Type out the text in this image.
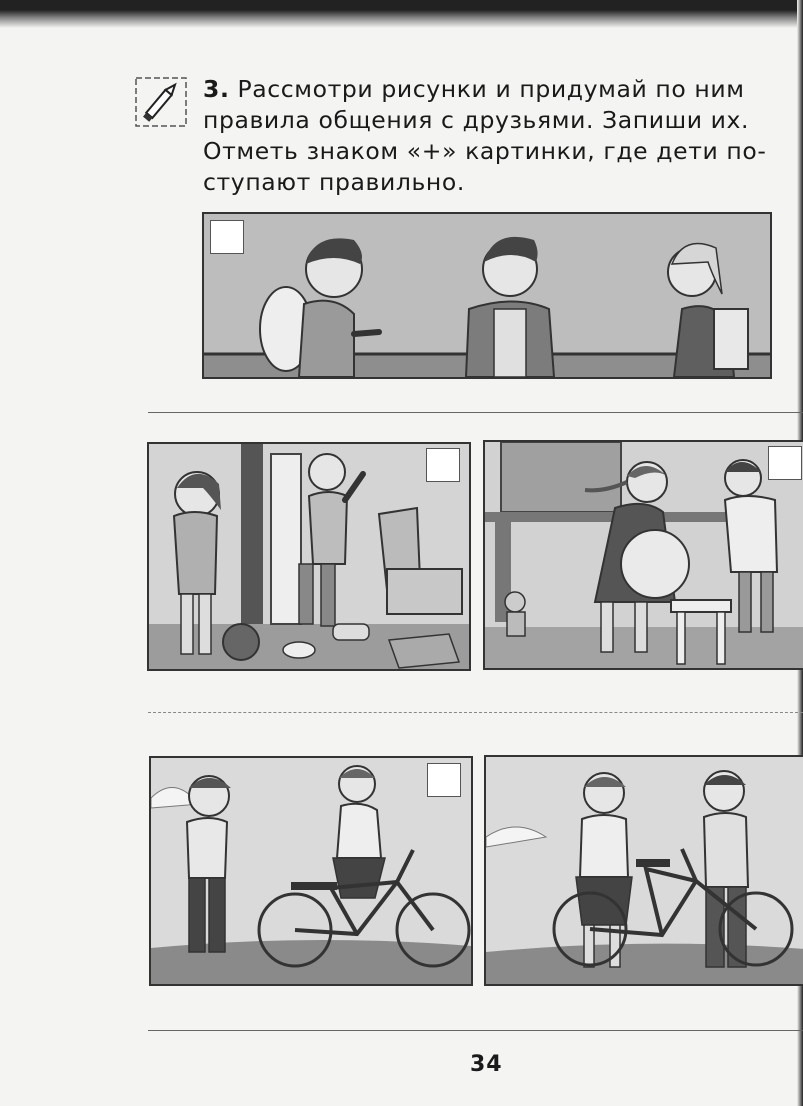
3. Рассмотри рисунки и придумай по ним
правила общения с друзьями. Запиши их.
Отметь знаком «+» картинки, где дети по-
ступают правильно.
34
